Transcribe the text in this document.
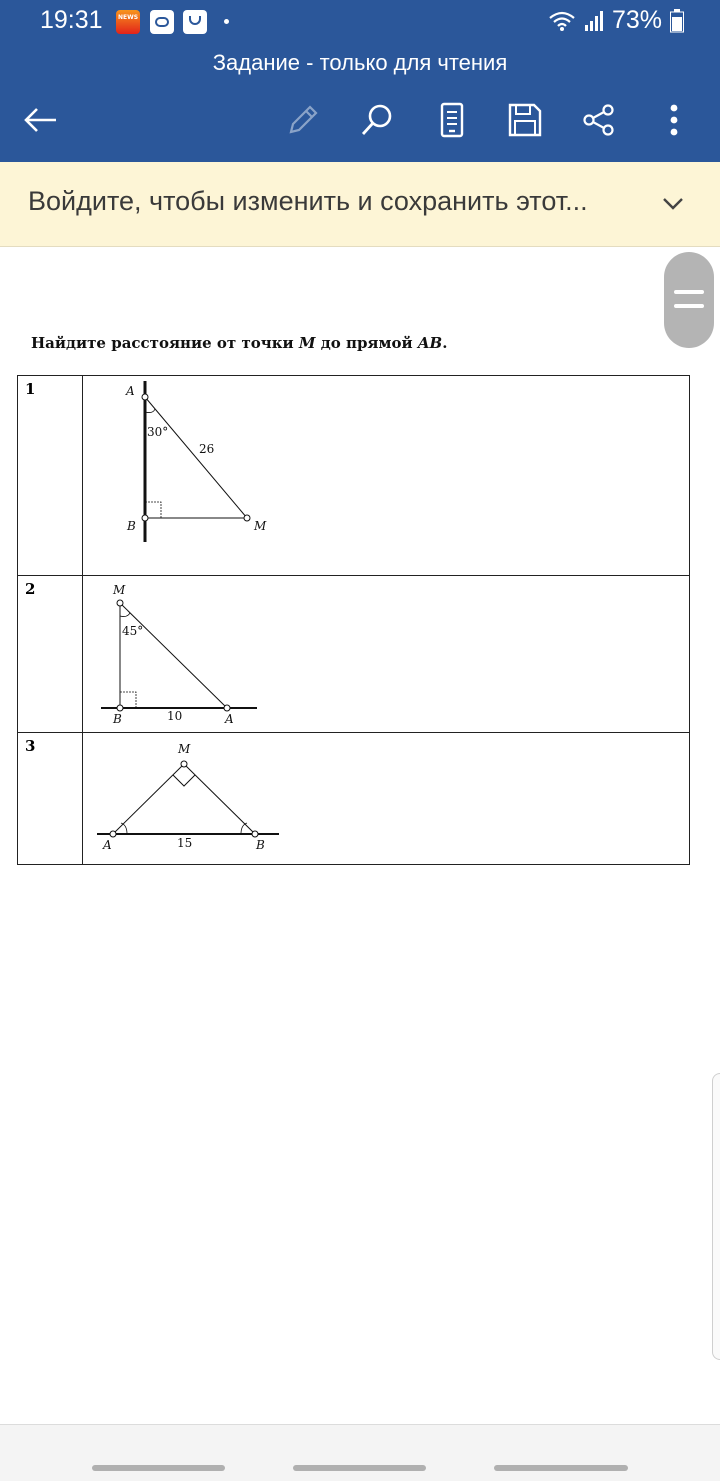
19:31	NEWS	73%
Задание - только для чтения
Войдите, чтобы изменить и сохранить этот...
Найдите расстояние от точки M до прямой AB.
1	A
B M
30°
26

2	M
B A
45°
10

3	M
A B
15
